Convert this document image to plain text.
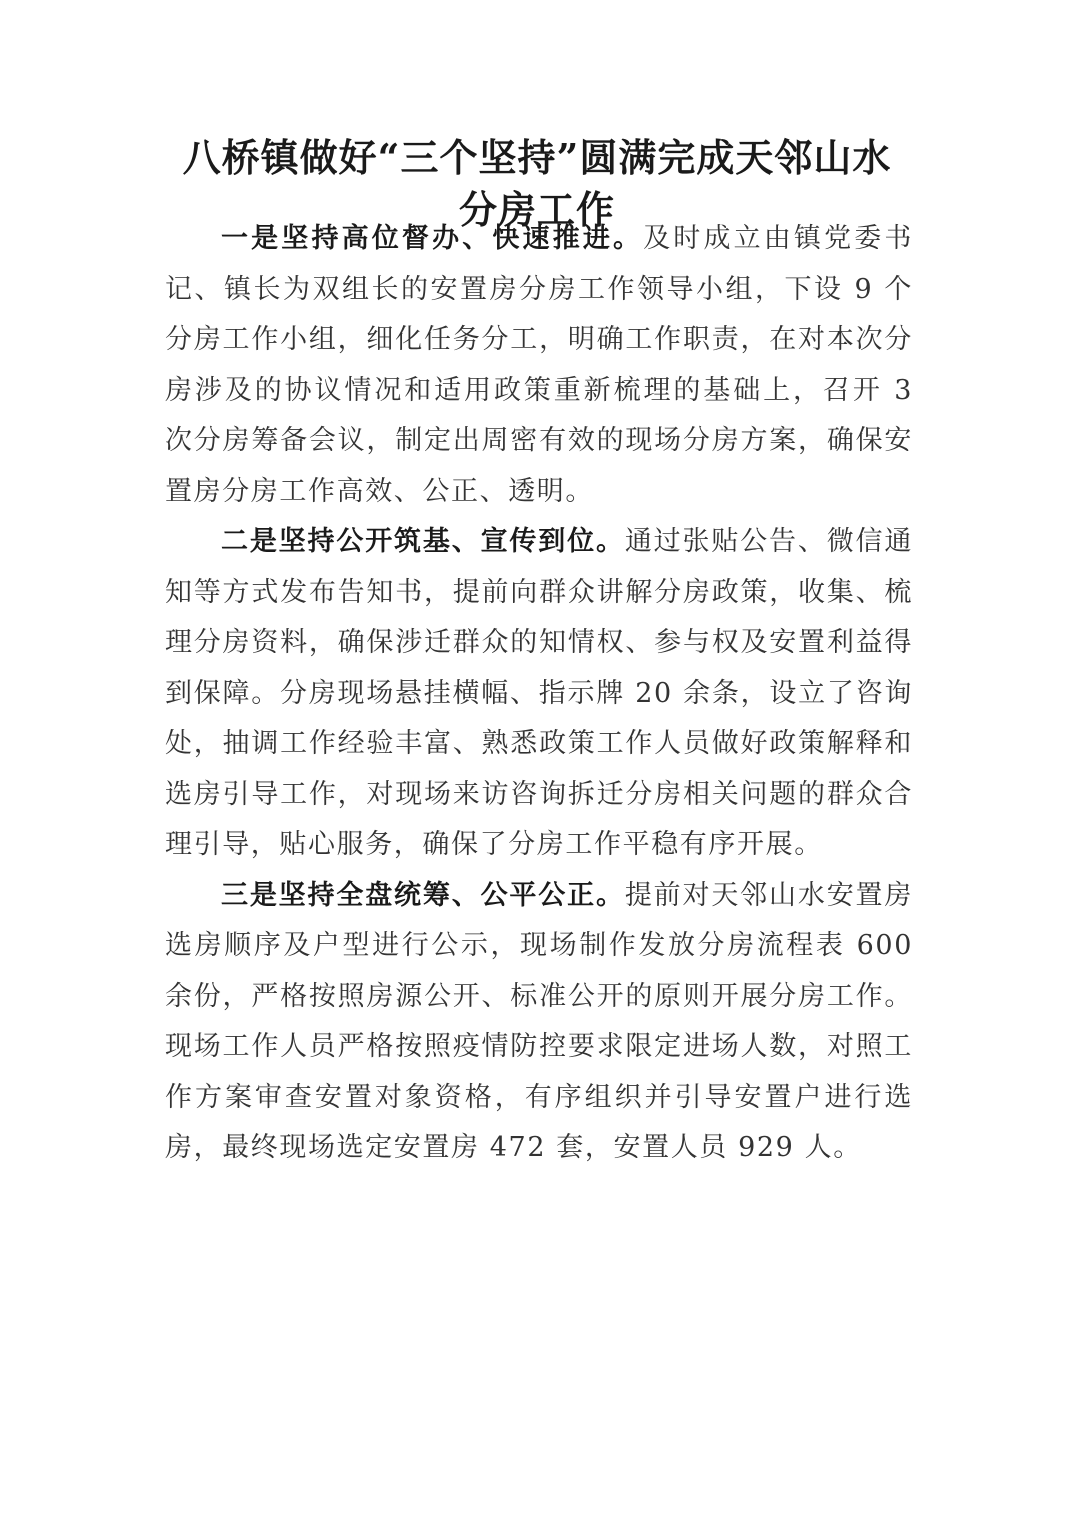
八桥镇做好“三个坚持”圆满完成天邻山水
分房工作

一是坚持高位督办、快速推进。及时成立由镇党委书记、镇长为双组长的安置房分房工作领导小组，下设 9 个分房工作小组，细化任务分工，明确工作职责，在对本次分房涉及的协议情况和适用政策重新梳理的基础上，召开 3 次分房筹备会议，制定出周密有效的现场分房方案，确保安置房分房工作高效、公正、透明。

二是坚持公开筑基、宣传到位。通过张贴公告、微信通知等方式发布告知书，提前向群众讲解分房政策，收集、梳理分房资料，确保涉迁群众的知情权、参与权及安置利益得到保障。分房现场悬挂横幅、指示牌 20 余条，设立了咨询处，抽调工作经验丰富、熟悉政策工作人员做好政策解释和选房引导工作，对现场来访咨询拆迁分房相关问题的群众合理引导，贴心服务，确保了分房工作平稳有序开展。

三是坚持全盘统筹、公平公正。提前对天邻山水安置房选房顺序及户型进行公示，现场制作发放分房流程表 600 余份，严格按照房源公开、标准公开的原则开展分房工作。现场工作人员严格按照疫情防控要求限定进场人数，对照工作方案审查安置对象资格，有序组织并引导安置户进行选房，最终现场选定安置房 472 套，安置人员 929 人。
